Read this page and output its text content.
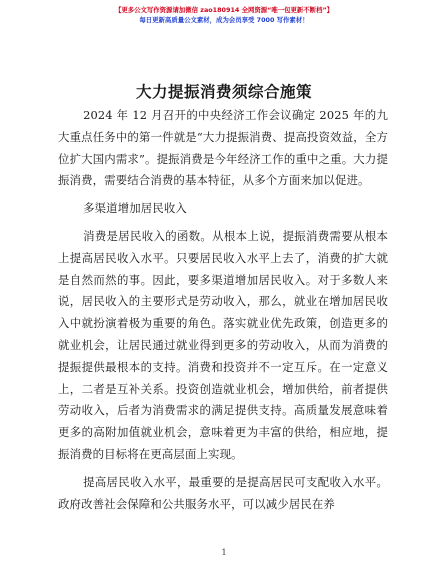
【更多公文写作资源请加微信 zao180914 全网资源“唯一包更新不断档”】
每日更新高质量公文素材，成为会员享受 7000 写作素材！
大力提振消费须综合施策

2024 年 12 月召开的中央经济工作会议确定 2025 年的九大重点任务中的第一件就是“大力提振消费、提高投资效益，全方位扩大国内需求”。提振消费是今年经济工作的重中之重。大力提振消费，需要结合消费的基本特征，从多个方面来加以促进。

多渠道增加居民收入

消费是居民收入的函数。从根本上说，提振消费需要从根本上提高居民收入水平。只要居民收入水平上去了，消费的扩大就是自然而然的事。因此，要多渠道增加居民收入。对于多数人来说，居民收入的主要形式是劳动收入，那么，就业在增加居民收入中就扮演着极为重要的角色。落实就业优先政策，创造更多的就业机会，让居民通过就业得到更多的劳动收入，从而为消费的提振提供最根本的支持。消费和投资并不一定互斥。在一定意义上，二者是互补关系。投资创造就业机会，增加供给，前者提供劳动收入，后者为消费需求的满足提供支持。高质量发展意味着更多的高附加值就业机会，意味着更为丰富的供给，相应地，提振消费的目标将在更高层面上实现。

提高居民收入水平，最重要的是提高居民可支配收入水平。政府改善社会保障和公共服务水平，可以减少居民在养

1
